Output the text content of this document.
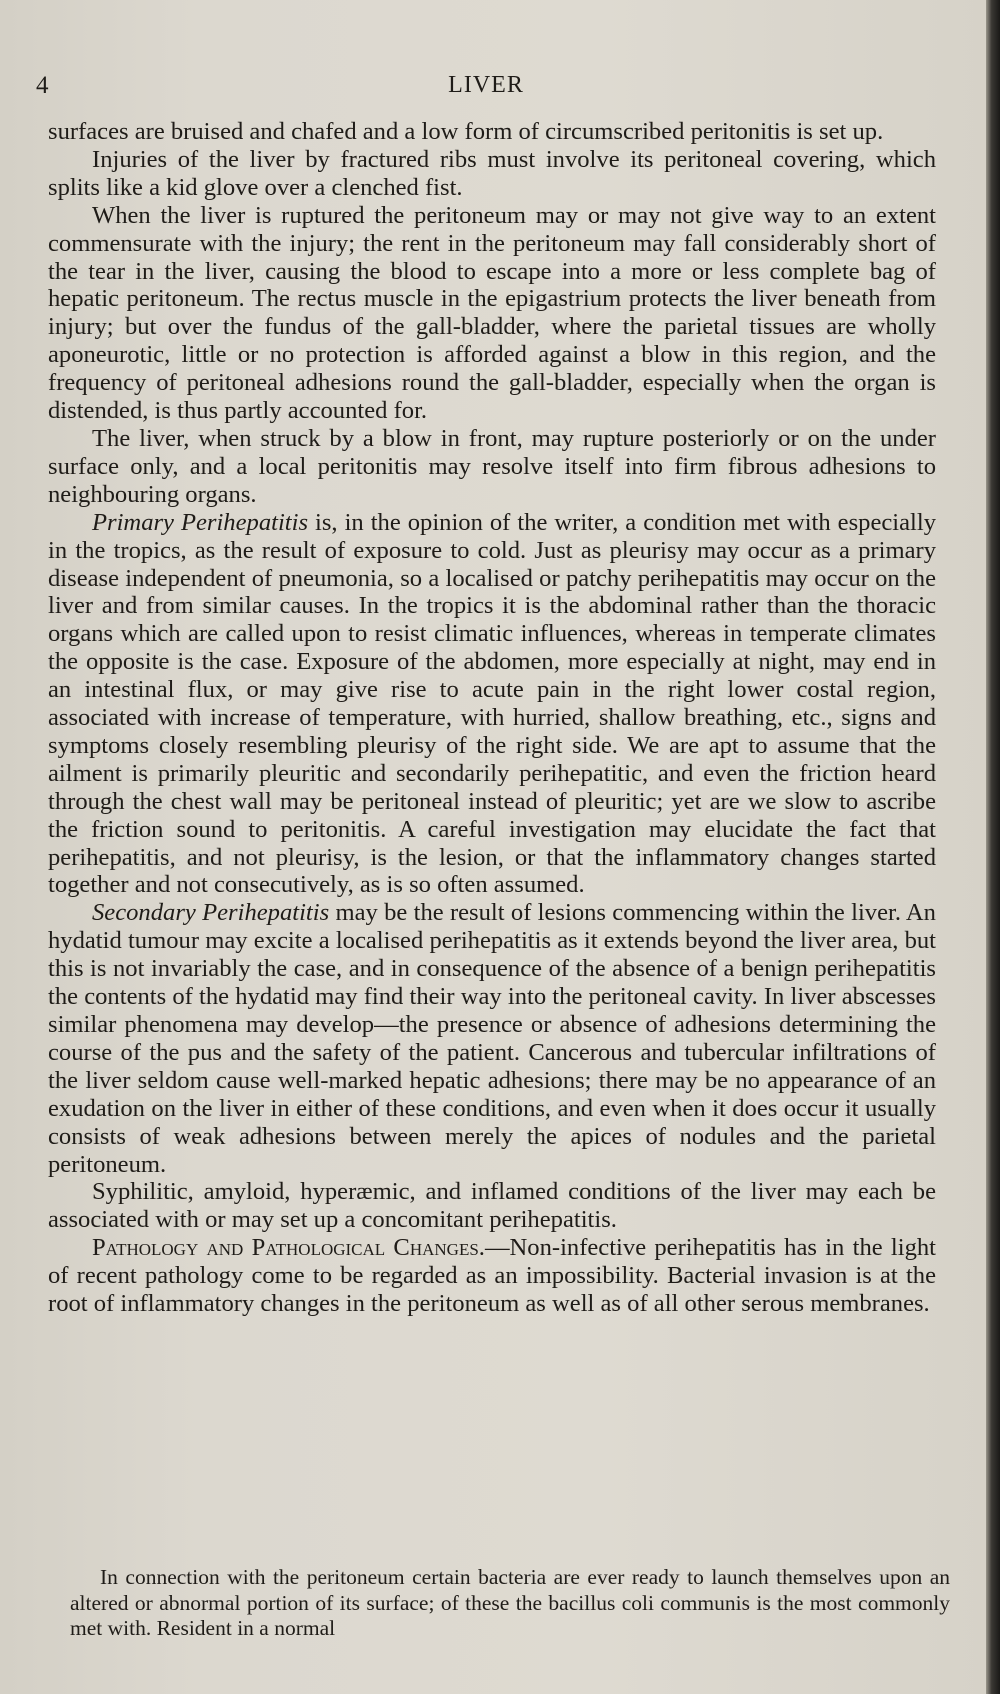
4	LIVER

surfaces are bruised and chafed and a low form of circumscribed peritonitis is set up.

Injuries of the liver by fractured ribs must involve its peritoneal covering, which splits like a kid glove over a clenched fist.

When the liver is ruptured the peritoneum may or may not give way to an extent commensurate with the injury; the rent in the peritoneum may fall considerably short of the tear in the liver, causing the blood to escape into a more or less complete bag of hepatic peritoneum. The rectus muscle in the epigastrium protects the liver beneath from injury; but over the fundus of the gall-bladder, where the parietal tissues are wholly aponeurotic, little or no protection is afforded against a blow in this region, and the frequency of peritoneal adhesions round the gall-bladder, especially when the organ is distended, is thus partly accounted for.

The liver, when struck by a blow in front, may rupture posteriorly or on the under surface only, and a local peritonitis may resolve itself into firm fibrous adhesions to neighbouring organs.

Primary Perihepatitis is, in the opinion of the writer, a condition met with especially in the tropics, as the result of exposure to cold. Just as pleurisy may occur as a primary disease independent of pneumonia, so a localised or patchy perihepatitis may occur on the liver and from similar causes. In the tropics it is the abdominal rather than the thoracic organs which are called upon to resist climatic influences, whereas in temperate climates the opposite is the case. Exposure of the abdomen, more especially at night, may end in an intestinal flux, or may give rise to acute pain in the right lower costal region, associated with increase of temperature, with hurried, shallow breathing, etc., signs and symptoms closely resembling pleurisy of the right side. We are apt to assume that the ailment is primarily pleuritic and secondarily perihepatitic, and even the friction heard through the chest wall may be peritoneal instead of pleuritic; yet are we slow to ascribe the friction sound to peritonitis. A careful investigation may elucidate the fact that perihepatitis, and not pleurisy, is the lesion, or that the inflammatory changes started together and not consecutively, as is so often assumed.

Secondary Perihepatitis may be the result of lesions commencing within the liver. An hydatid tumour may excite a localised perihepatitis as it extends beyond the liver area, but this is not invariably the case, and in consequence of the absence of a benign perihepatitis the contents of the hydatid may find their way into the peritoneal cavity. In liver abscesses similar phenomena may develop—the presence or absence of adhesions determining the course of the pus and the safety of the patient. Cancerous and tubercular infiltrations of the liver seldom cause well-marked hepatic adhesions; there may be no appearance of an exudation on the liver in either of these conditions, and even when it does occur it usually consists of weak adhesions between merely the apices of nodules and the parietal peritoneum.

Syphilitic, amyloid, hyperæmic, and inflamed conditions of the liver may each be associated with or may set up a concomitant perihepatitis.

Pathology and Pathological Changes.—Non-infective perihepatitis has in the light of recent pathology come to be regarded as an impossibility. Bacterial invasion is at the root of inflammatory changes in the peritoneum as well as of all other serous membranes.

In connection with the peritoneum certain bacteria are ever ready to launch themselves upon an altered or abnormal portion of its surface; of these the bacillus coli communis is the most commonly met with. Resident in a normal
